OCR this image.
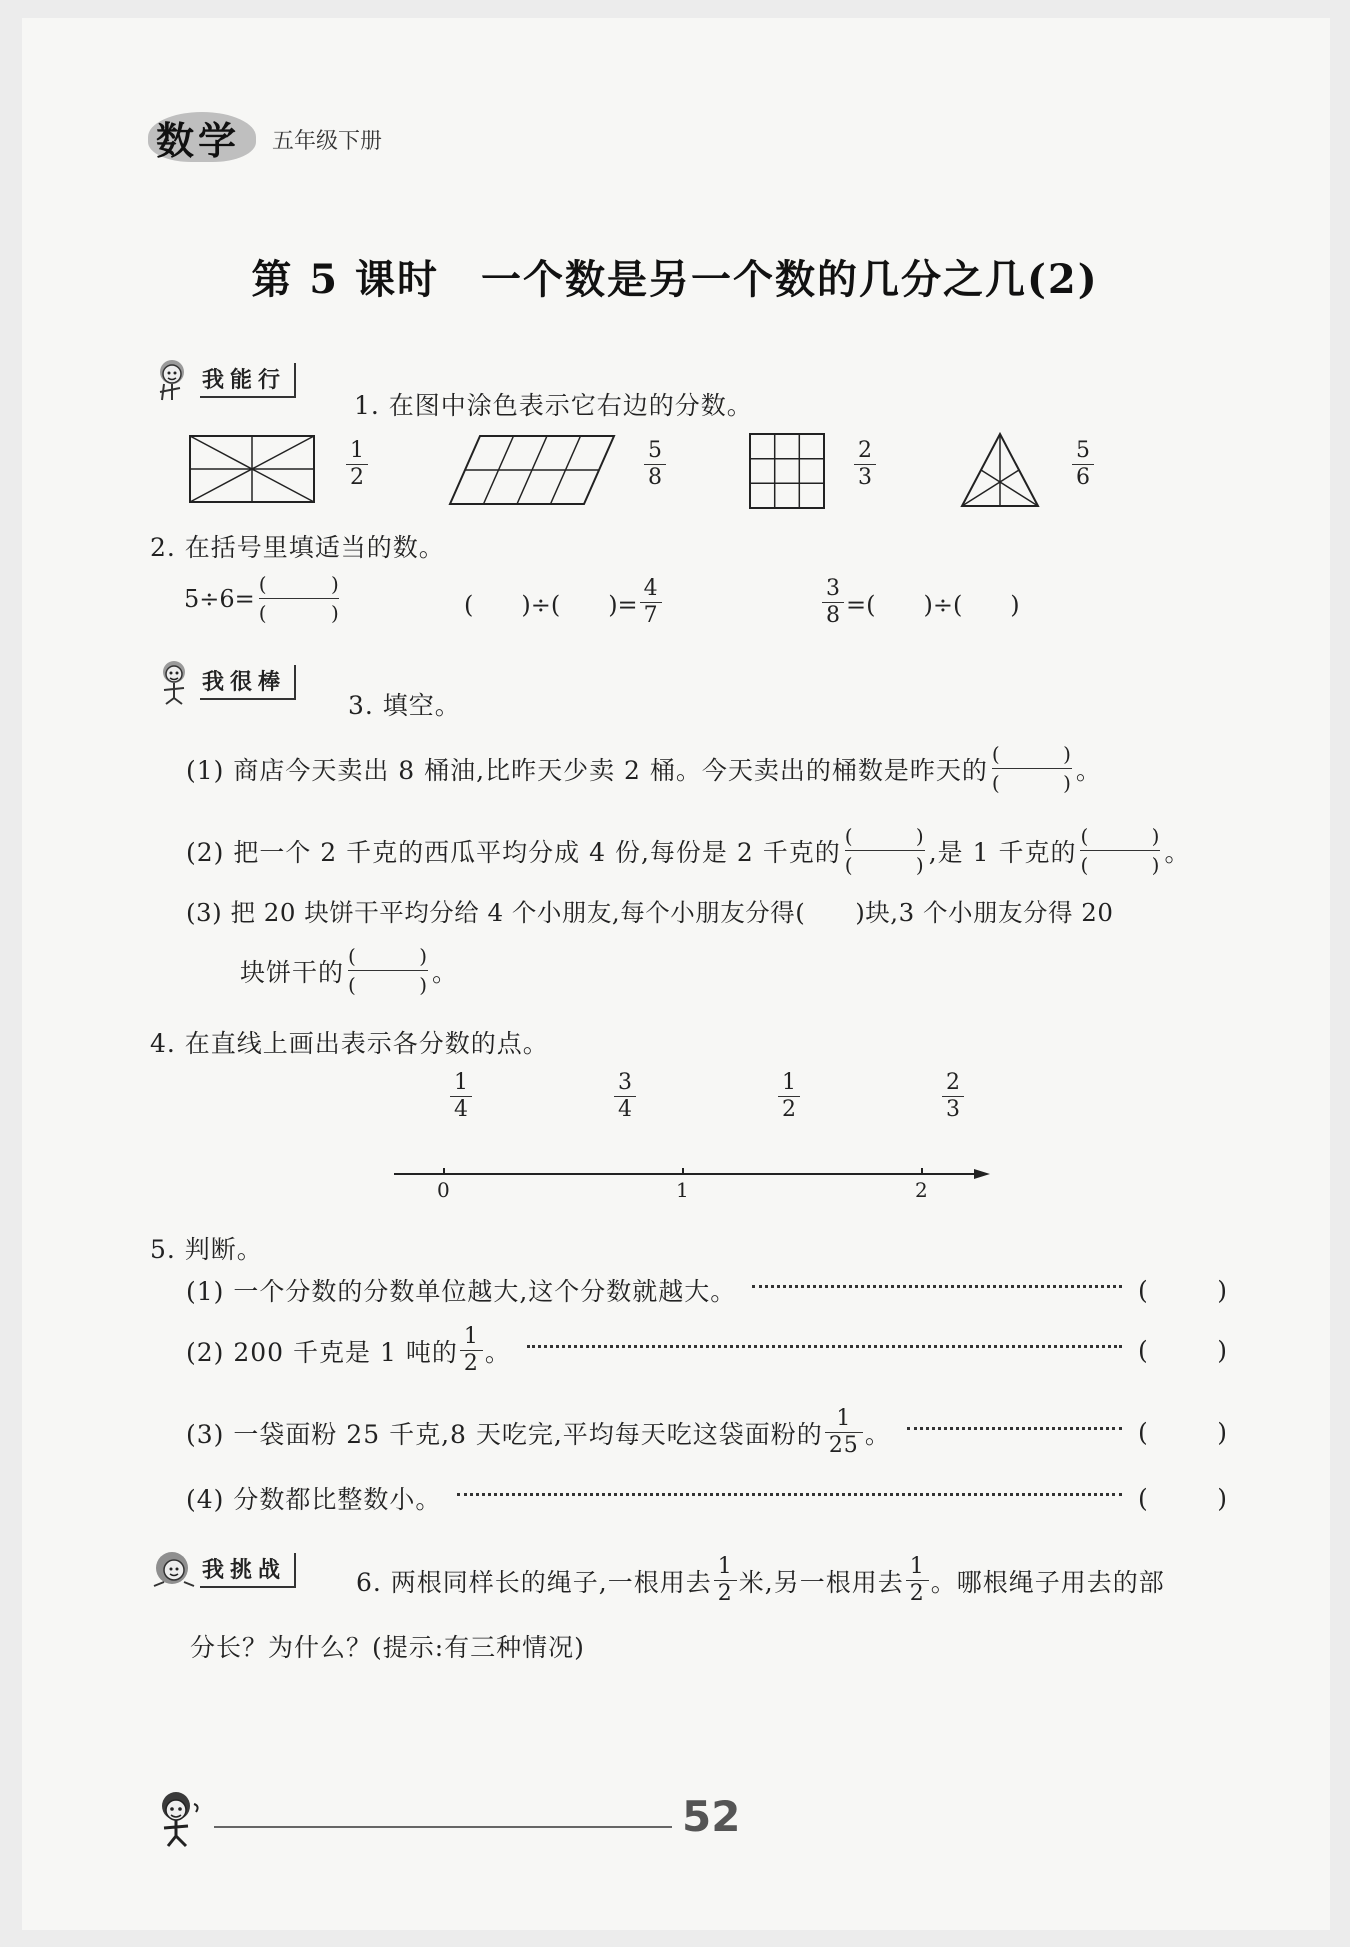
数学 五年级下册
第 5 课时　一个数是另一个数的几分之几(2)
我能行
1. 在图中涂色表示它右边的分数。
$\frac{1}{2}$	$\frac{5}{8}$	$\frac{2}{3}$	$\frac{5}{6}$
2. 在括号里填适当的数。
5÷6=
(	)
(	)	(　　)÷(　　)= $\frac{4}{7}$	$\frac{3}{8}$ =(　　)÷(　　)
我很棒
3. 填空。
(1) 商店今天卖出 8 桶油,比昨天少卖 2 桶。今天卖出的桶数是昨天的
(	)
(	) 。
(2) 把一个 2 千克的西瓜平均分成 4 份,每份是 2 千克的
(	)
(	) ,是 1 千克的
(	)
(	) 。
(3) 把 20 块饼干平均分给 4 个小朋友,每个小朋友分得(　　)块,3 个小朋友分得 20
块饼干的
(	)
(	) 。
4. 在直线上画出表示各分数的点。
$\frac{1}{4}$	$\frac{3}{4}$	$\frac{1}{2}$	$\frac{2}{3}$
0	1	2
5. 判断。
(1) 一个分数的分数单位越大,这个分数就越大。	(	)
(2) 200 千克是 1 吨的 $\frac{1}{2}$ 。	(	)
(3) 一袋面粉 25 千克,8 天吃完,平均每天吃这袋面粉的 $\frac{1}{25}$ 。	(	)
(4) 分数都比整数小。	(	)
我挑战	6. 两根同样长的绳子,一根用去 $\frac{1}{2}$ 米,另一根用去 $\frac{1}{2}$ 。哪根绳子用去的部
分长？为什么？(提示:有三种情况)
52
